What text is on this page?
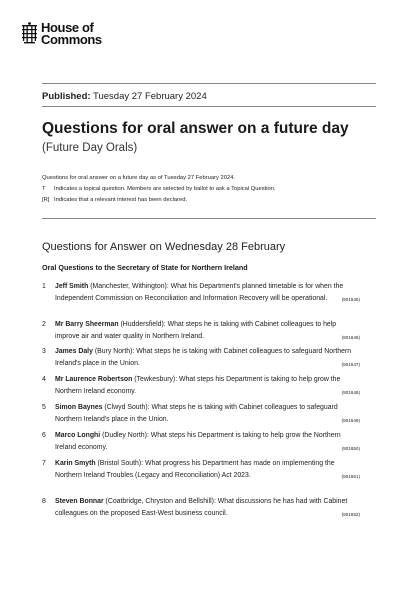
House of
Commons
Published: Tuesday 27 February 2024
Questions for oral answer on a future day
(Future Day Orals)
Questions for oral answer on a future day as of Tuesday 27 February 2024.
T Indicates a topical question. Members are selected by ballot to ask a Topical Question.
[R] Indicates that a relevant interest has been declared.
Questions for Answer on Wednesday 28 February
Oral Questions to the Secretary of State for Northern Ireland
1 Jeff Smith (Manchester, Withington): What his Department's planned timetable is for when the Independent Commission on Reconciliation and Information Recovery will be operational.	(901645)
2 Mr Barry Sheerman (Huddersfield): What steps he is taking with Cabinet colleagues to help improve air and water quality in Northern Ireland.	(901646)
3 James Daly (Bury North): What steps he is taking with Cabinet colleagues to safeguard Northern Ireland's place in the Union.	(901647)
4 Mr Laurence Robertson (Tewkesbury): What steps his Department is taking to help grow the Northern Ireland economy.	(901648)
5 Simon Baynes (Clwyd South): What steps he is taking with Cabinet colleagues to safeguard Northern Ireland's place in the Union.	(901649)
6 Marco Longhi (Dudley North): What steps his Department is taking to help grow the Northern Ireland economy.	(901650)
7 Karin Smyth (Bristol South): What progress his Department has made on implementing the Northern Ireland Troubles (Legacy and Reconciliation) Act 2023.	(901651)
8 Steven Bonnar (Coatbridge, Chryston and Bellshill): What discussions he has had with Cabinet colleagues on the proposed East-West business council.	(901652)
